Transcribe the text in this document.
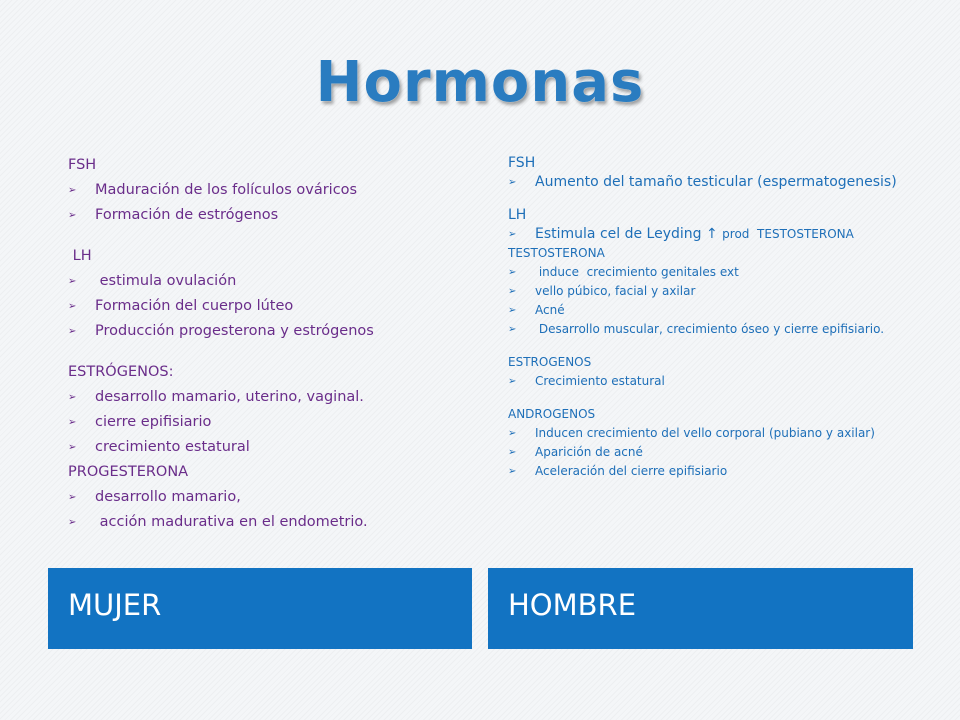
Hormonas
FSH
➢ Maduración de los folículos ováricos
➢ Formación de estrógenos
LH
➢ estimula ovulación
➢ Formación del cuerpo lúteo
➢ Producción progesterona y estrógenos
ESTRÓGENOS:
➢ desarrollo mamario, uterino, vaginal.
➢ cierre epifisiario
➢ crecimiento estatural
PROGESTERONA
➢ desarrollo mamario,
➢ acción madurativa en el endometrio.
FSH
➢ Aumento del tamaño testicular (espermatogenesis)
LH
➢ Estimula cel de Leyding ↑ prod  TESTOSTERONA
TESTOSTERONA
➢ induce  crecimiento genitales ext
➢ vello púbico, facial y axilar
➢ Acné
➢ Desarrollo muscular, crecimiento óseo y cierre epifisiario.
ESTROGENOS
➢ Crecimiento estatural
ANDROGENOS
➢ Inducen crecimiento del vello corporal (pubiano y axilar)
➢ Aparición de acné
➢ Aceleración del cierre epifisiario
MUJER	HOMBRE
